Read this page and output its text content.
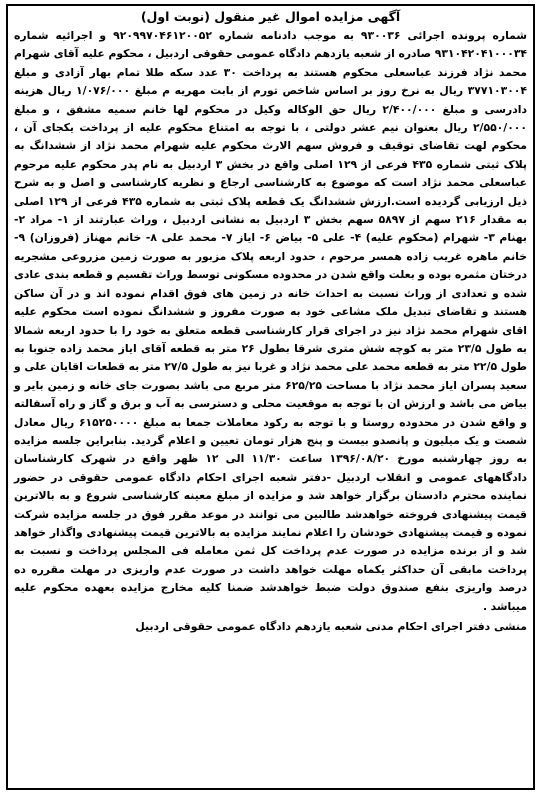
آگهی مزایده اموال غیر منقول (نوبت اول)

شماره پرونده اجرائی ۹۳۰۰۳۶ به موجب دادنامه شماره ۹۲۰۹۹۷۰۴۶۱۲۰۰۵۲ و اجرائیه شماره ۹۳۱۰۴۲۰۴۱۰۰۰۳۴ صادره از شعبه یازدهم دادگاه عمومی حقوقی اردبیل ، محکوم علیه آقای شهرام محمد نژاد فرزند عباسعلی محکوم هستند به پرداخت ۳۰ عدد سکه طلا تمام بهار آزادی و مبلغ ۳۷۷۱۰۳۰۰۴ ریال به نرخ روز بر اساس شاخص تورم از بابت مهریه م مبلغ ۱/۰۷۶/۰۰۰ ریال هزینه دادرسی و مبلغ ۲/۴۰۰/۰۰۰ ریال حق الوکاله وکیل در محکوم لها خانم سمیه مشفق ، و مبلغ ۲/۵۵۰/۰۰۰ ریال بعنوان نیم عشر دولتی ، با توجه به امتناع محکوم علیه از پرداخت یکجای آن ، محکوم لهت تقاضای توقیف و فروش سهم الارث محکوم علیه شهرام محمد نژاد از ششدانگ به پلاک ثبتی شماره ۴۳۵ فرعی از ۱۲۹ اصلی واقع در بخش ۳ اردبیل به نام پدر محکوم علیه مرحوم عباسعلی محمد نژاد است که موضوع به کارشناسی ارجاع و نظریه کارشناسی و اصل و به شرح ذیل ارزیابی گردیده است.ارزش ششدانگ یک قطعه پلاک ثبتی به شماره ۴۳۵ فرعی از ۱۲۹ اصلی به مقدار ۲۱۶ سهم از ۵۸۹۷ سهم بخش ۳ اردبیل به نشانی اردبیل ، وراث عبارتند از ۱- مراد ۲- بهنام ۳- شهرام (محکوم علیه) ۴- علی ۵- بیاض ۶- ایاز ۷- محمد علی ۸- خانم مهناز (فروزان) ۹- خانم ماهره غریب زاده همسر مرحوم ، حدود اربعه پلاک مزبور به صورت زمین مزروعی مشجریه درختان مثمره بوده و بعلت واقع شدن در محدوده مسکونی توسط وراث تقسیم و قطعه بندی عادی شده و تعدادی از وراث نسبت به احداث خانه در زمین های فوق اقدام نموده اند و در آن ساکن هستند و تقاضای تبدیل ملک مشاعی خود به صورت مفروز و ششدانگ نموده است محکوم علیه اقای شهرام محمد نژاد نیز در اجرای قرار کارشناسی قطعه متعلق به خود را با حدود اربعه شمالا به طول ۲۳/۵ متر به کوچه شش متری شرقا بطول ۲۶ متر به قطعه آقای ایاز محمد زاده جنوبا به طول ۲۲/۵ متر به قطعه محمد علی محمد نژاد و غربا نیز به طول ۲۷/۵ متر به قطعات اقایان علی و سعید پسران ایاز محمد نژاد با مساحت ۶۲۵/۲۵ متر مربع می باشد بصورت جای خانه و زمین بایر و بیاض می باشد و ارزش ان با توجه به موقعیت محلی و دسترسی به آب و برق و گاز و راه آسفالته و واقع شدن در محدوده روستا و با توجه به رکود معاملات جمعا به مبلغ ۶۱۵۲۵۰۰۰۰ ریال معادل شصت و یک میلیون و پانصدو بیست و پنج هزار تومان تعیین و اعلام گردید. بنابراین جلسه مزایده به روز چهارشنبه مورخ ۱۳۹۶/۰۸/۲۰ ساعت ۱۱/۳۰ الی ۱۲ ظهر واقع در شهرک کارشناسان دادگاههای عمومی و انقلاب اردبیل -دفتر شعبه اجرای احکام دادگاه عمومی حقوقی در حضور نماینده محترم دادستان برگزار خواهد شد و مزایده از مبلغ معینه کارشناسی شروع و به بالاترین قیمت پیشنهادی فروخته خواهدشد طالبین می توانند در موعد مقرر فوق در جلسه مزایده شرکت نموده و قیمت پیشنهادی خودشان را اعلام نمایند مزایده به بالاترین قیمت پیشنهادی واگذار خواهد شد و از برنده مزایده در صورت عدم پرداخت کل ثمن معامله فی المجلس پرداخت و نسبت به پرداخت مابقی آن حداکثر یکماه مهلت خواهد داشت در صورت عدم واریزی در مهلت مقرره ده درصد واریزی بنفع صندوق دولت ضبط خواهدشد ضمنا کلیه مخارج مزایده بعهده محکوم علیه میباشد .

منشی دفتر اجرای احکام مدنی شعبه یازدهم دادگاه عمومی حقوقی اردبیل
